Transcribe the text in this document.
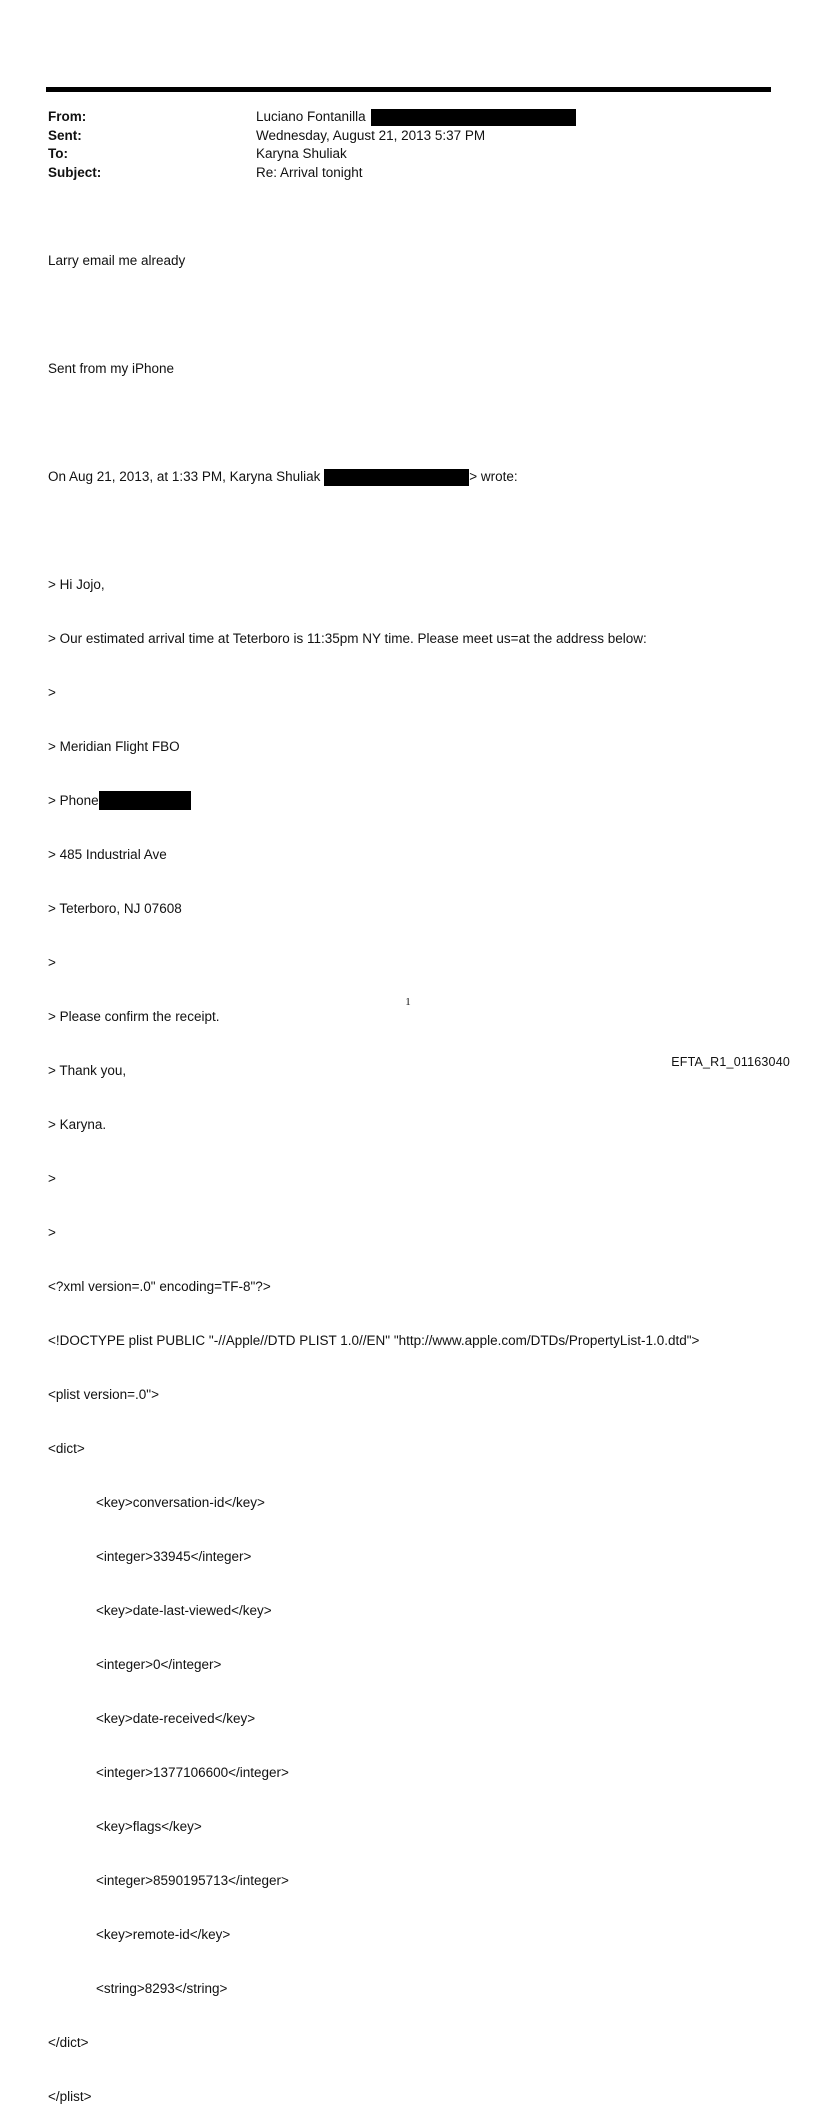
From:	Luciano Fontanilla
Sent:	Wednesday, August 21, 2013 5:37 PM
To:	Karyna Shuliak
Subject:	Re: Arrival tonight

Larry email me already

Sent from my iPhone

On Aug 21, 2013, at 1:33 PM, Karyna Shuliak	> wrote:

> Hi Jojo,

> Our estimated arrival time at Teterboro is 11:35pm NY time. Please meet us=at the address below:

>

> Meridian Flight FBO

> Phone

> 485 Industrial Ave

> Teterboro, NJ 07608

>

> Please confirm the receipt.

> Thank you,

> Karyna.

>

>

<?xml version=.0" encoding=TF-8"?>

<!DOCTYPE plist PUBLIC "-//Apple//DTD PLIST 1.0//EN" "http://www.apple.com/DTDs/PropertyList-1.0.dtd">

<plist version=.0">

<dict>

<key>conversation-id</key>

<integer>33945</integer>

<key>date-last-viewed</key>

<integer>0</integer>

<key>date-received</key>

<integer>1377106600</integer>

<key>flags</key>

<integer>8590195713</integer>

<key>remote-id</key>

<string>8293</string>

</dict>

</plist>

1
EFTA_R1_01163040
